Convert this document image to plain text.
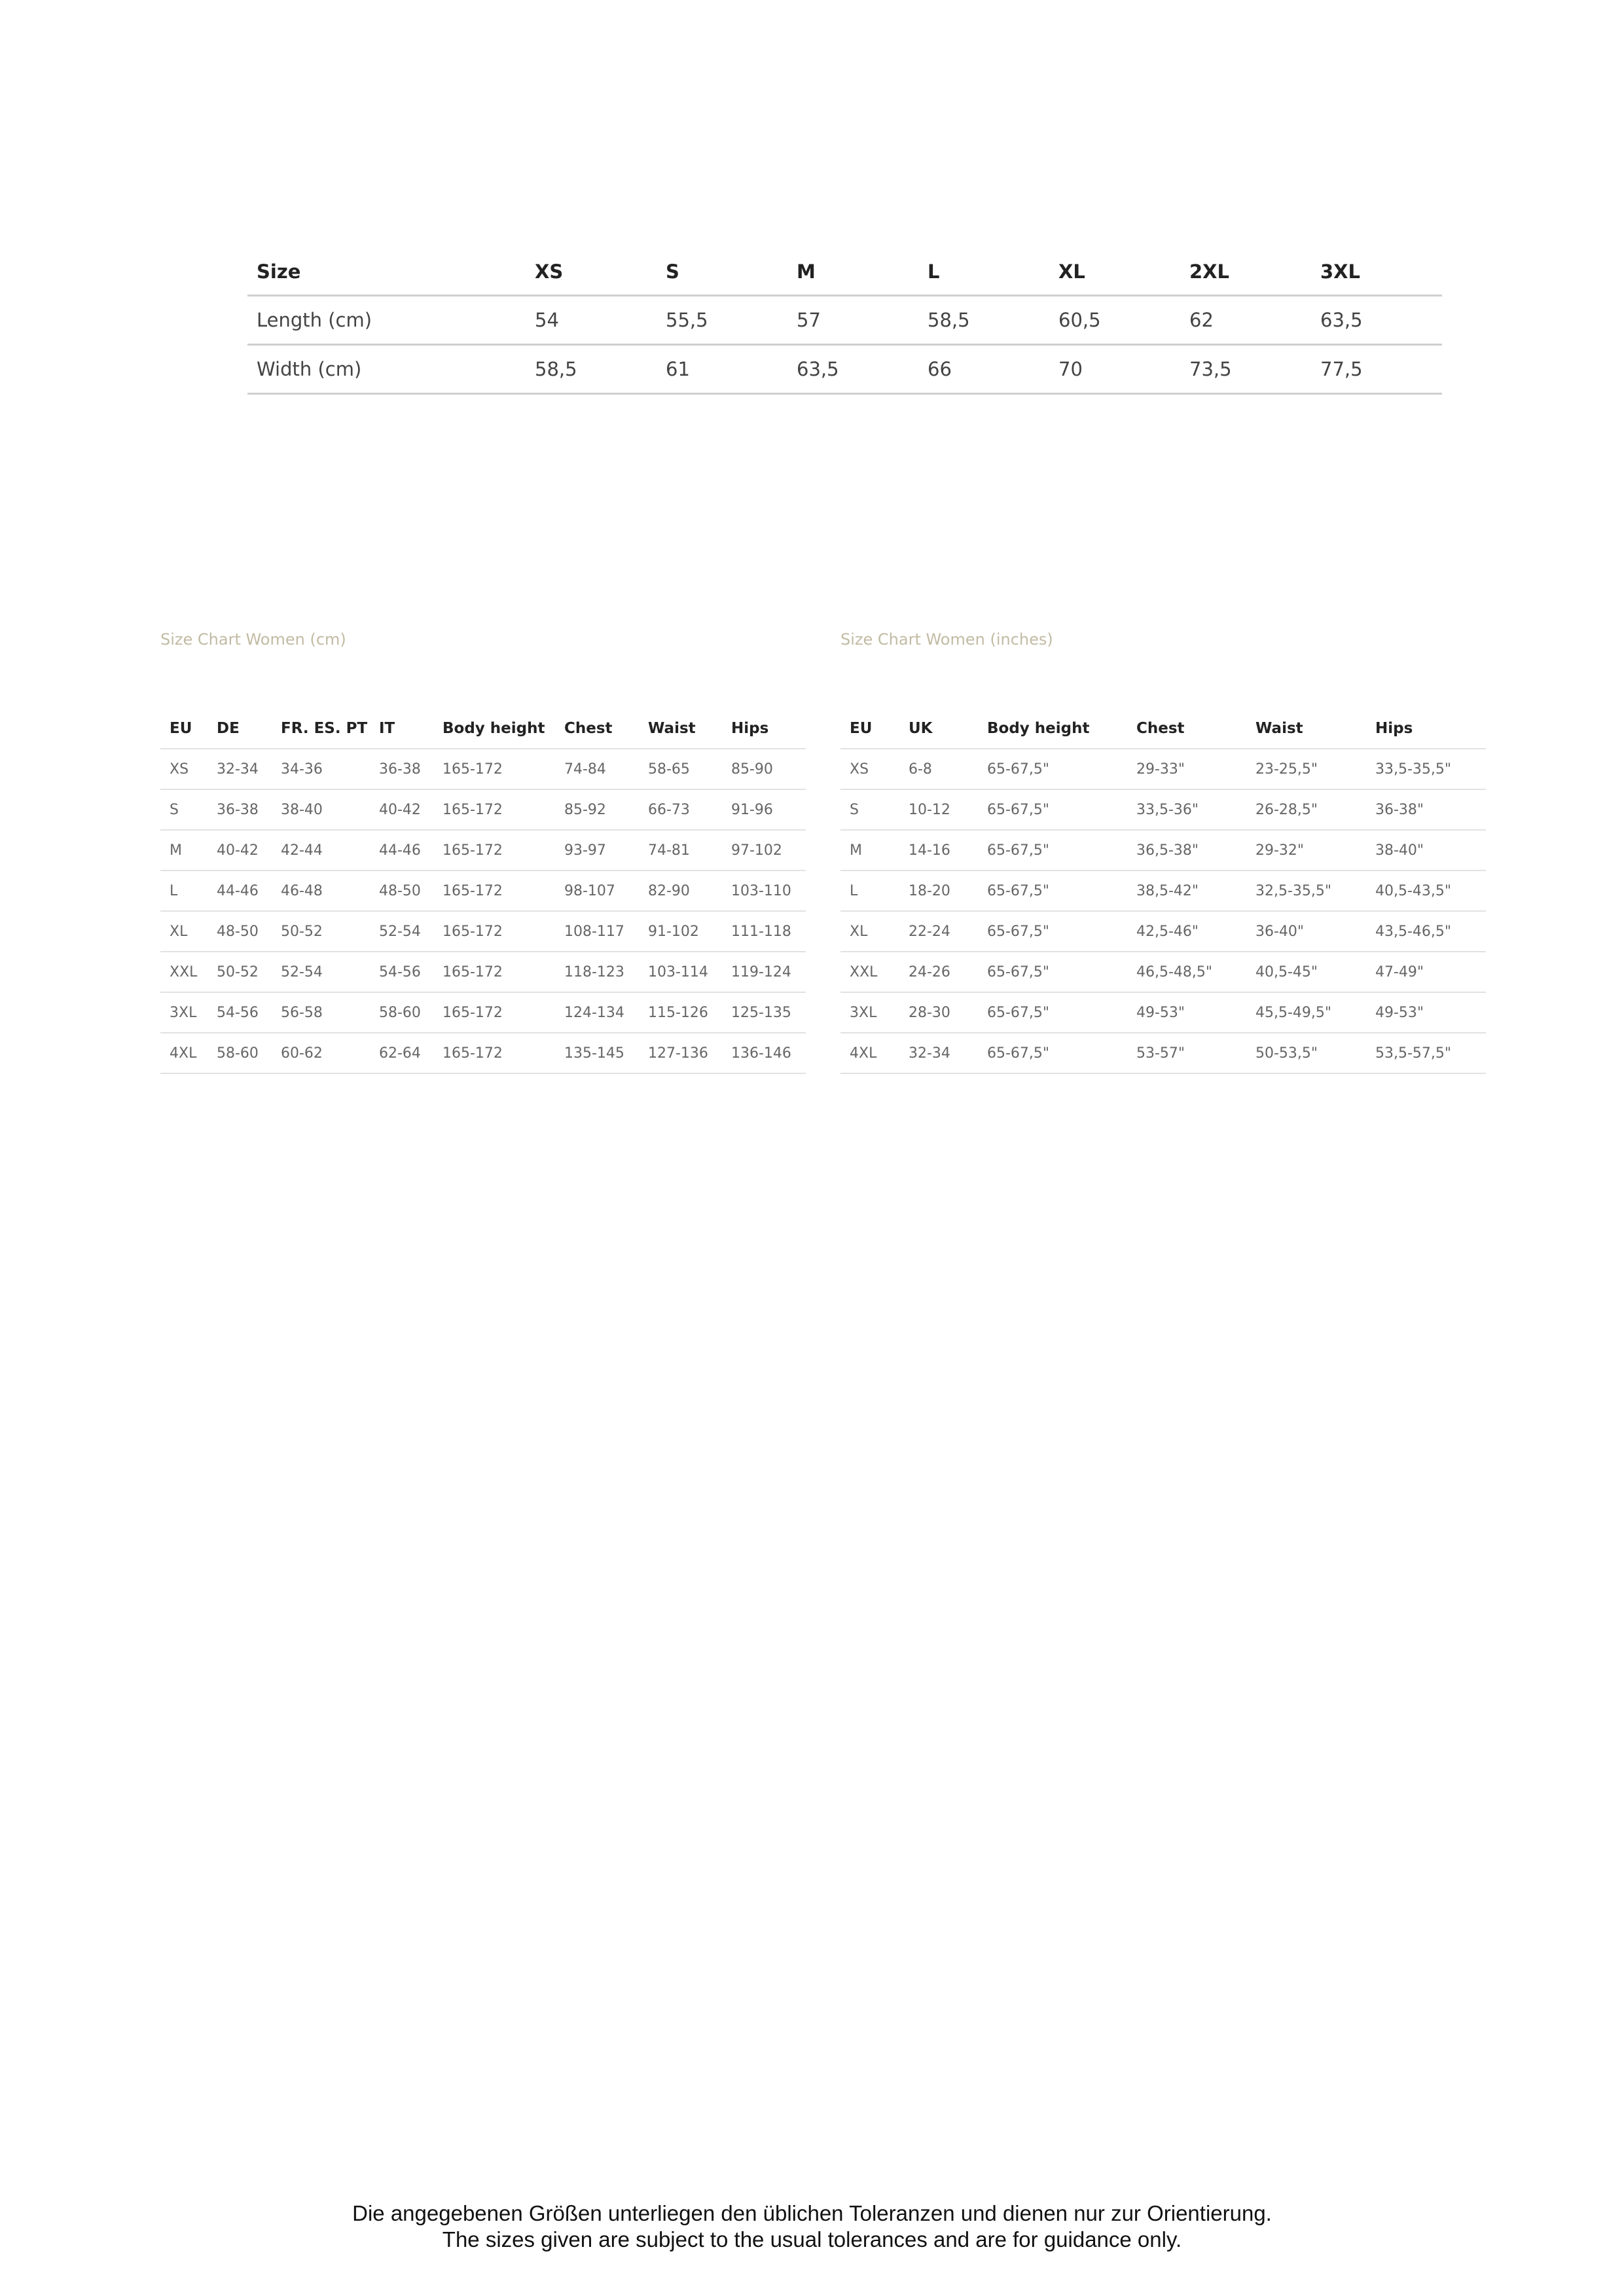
Size	XS	S	M	L	XL	2XL	3XL
Length (cm)	54	55,5	57	58,5	60,5	62	63,5
Width (cm)	58,5	61	63,5	66	70	73,5	77,5

Size Chart Women (cm)	Size Chart Women (inches)

EU	DE	FR. ES. PT	IT	Body height	Chest	Waist	Hips
XS	32-34	34-36	36-38	165-172	74-84	58-65	85-90
S	36-38	38-40	40-42	165-172	85-92	66-73	91-96
M	40-42	42-44	44-46	165-172	93-97	74-81	97-102
L	44-46	46-48	48-50	165-172	98-107	82-90	103-110
XL	48-50	50-52	52-54	165-172	108-117	91-102	111-118
XXL	50-52	52-54	54-56	165-172	118-123	103-114	119-124
3XL	54-56	56-58	58-60	165-172	124-134	115-126	125-135
4XL	58-60	60-62	62-64	165-172	135-145	127-136	136-146
EU	UK	Body height	Chest	Waist	Hips
XS	6-8	65-67,5"	29-33"	23-25,5"	33,5-35,5"
S	10-12	65-67,5"	33,5-36"	26-28,5"	36-38"
M	14-16	65-67,5"	36,5-38"	29-32"	38-40"
L	18-20	65-67,5"	38,5-42"	32,5-35,5"	40,5-43,5"
XL	22-24	65-67,5"	42,5-46"	36-40"	43,5-46,5"
XXL	24-26	65-67,5"	46,5-48,5"	40,5-45"	47-49"
3XL	28-30	65-67,5"	49-53"	45,5-49,5"	49-53"
4XL	32-34	65-67,5"	53-57"	50-53,5"	53,5-57,5"

Die angegebenen Größen unterliegen den üblichen Toleranzen und dienen nur zur Orientierung.

The sizes given are subject to the usual tolerances and are for guidance only.
